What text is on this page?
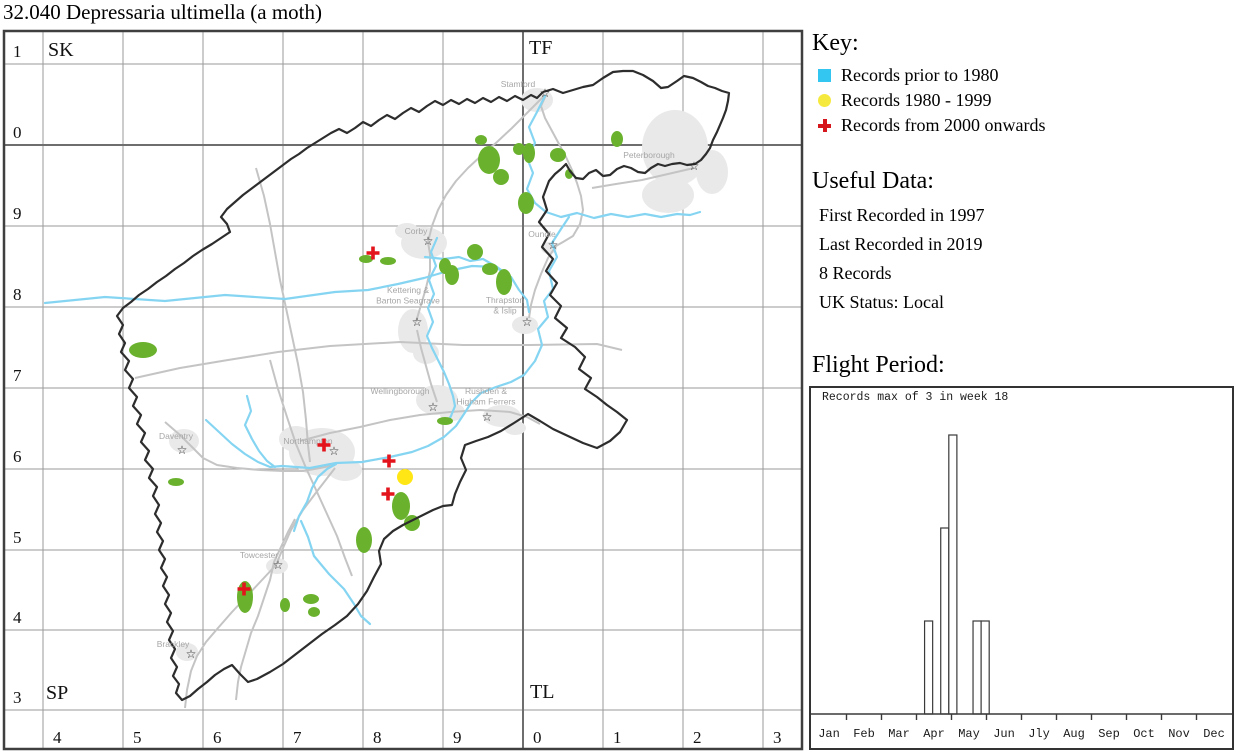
32.040 Depressaria ultimella (a moth)
Stamford
☆
Peterborough
☆
Corby
☆	Oundle
☆
Kettering &
Barton Seagrave
☆
Thrapston
& Islip
☆
Wellingborough
☆
Rushden &
Higham Ferrers
☆
Northampton
☆
Daventry
☆
Towcester
☆
Brackley
☆
SK	TF
SP	TL
1
0
9
8
7
6
5
4
3
4	5	6	7	8	9	0	1	2	3
Key:
Records prior to 1980
Records 1980 - 1999
Records from 2000 onwards
Useful Data:
First Recorded in 1997
Last Recorded in 2019
8 Records
UK Status: Local
Flight Period:
Records max of 3 in week 18
Jan Feb Mar Apr May Jun Jly Aug Sep Oct Nov Dec
